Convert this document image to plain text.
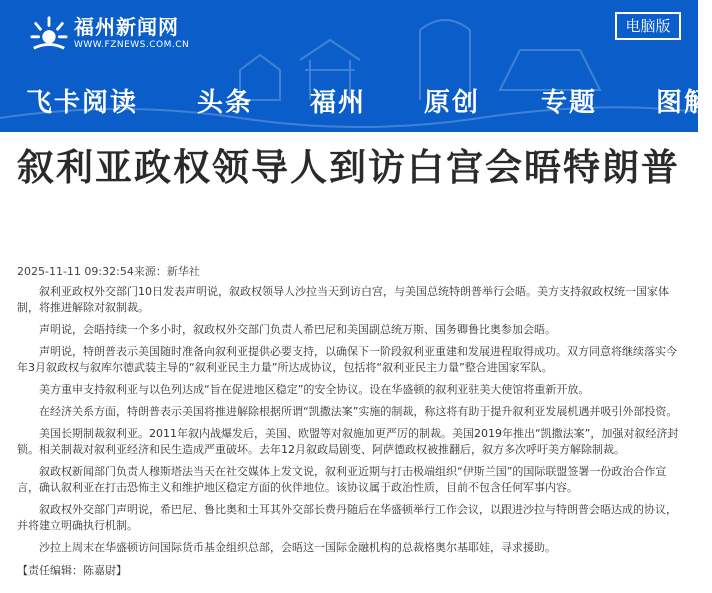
福州新闻网
WWW.FZNEWS.COM.CN
电脑版
飞卡阅读 头条 福州 原创 专题 图解
叙利亚政权领导人到访白宫会晤特朗普
2025-11-11 09:32:54来源：新华社

叙利亚政权外交部门10日发表声明说，叙政权领导人沙拉当天到访白宫，与美国总统特朗普举行会晤。美方支持叙政权统一国家体制，将推进解除对叙制裁。

声明说，会晤持续一个多小时，叙政权外交部门负责人希巴尼和美国副总统万斯、国务卿鲁比奥参加会晤。

声明说，特朗普表示美国随时准备向叙利亚提供必要支持，以确保下一阶段叙利亚重建和发展进程取得成功。双方同意将继续落实今年3月叙政权与叙库尔德武装主导的“叙利亚民主力量”所达成协议，包括将“叙利亚民主力量”整合进国家军队。

美方重申支持叙利亚与以色列达成“旨在促进地区稳定”的安全协议。设在华盛顿的叙利亚驻美大使馆将重新开放。

在经济关系方面，特朗普表示美国将推进解除根据所谓“凯撒法案”实施的制裁，称这将有助于提升叙利亚发展机遇并吸引外部投资。

美国长期制裁叙利亚。2011年叙内战爆发后，美国、欧盟等对叙施加更严厉的制裁。美国2019年推出“凯撒法案”，加强对叙经济封锁。相关制裁对叙利亚经济和民生造成严重破坏。去年12月叙政局剧变、阿萨德政权被推翻后，叙方多次呼吁美方解除制裁。

叙政权新闻部门负责人穆斯塔法当天在社交媒体上发文说，叙利亚近期与打击极端组织“伊斯兰国”的国际联盟签署一份政治合作宣言，确认叙利亚在打击恐怖主义和维护地区稳定方面的伙伴地位。该协议属于政治性质，目前不包含任何军事内容。

叙政权外交部门声明说，希巴尼、鲁比奥和土耳其外交部长费丹随后在华盛顿举行工作会议，以跟进沙拉与特朗普会晤达成的协议，并将建立明确执行机制。

沙拉上周末在华盛顿访问国际货币基金组织总部，会晤这一国际金融机构的总裁格奥尔基耶娃，寻求援助。

【责任编辑：陈嘉尉】
